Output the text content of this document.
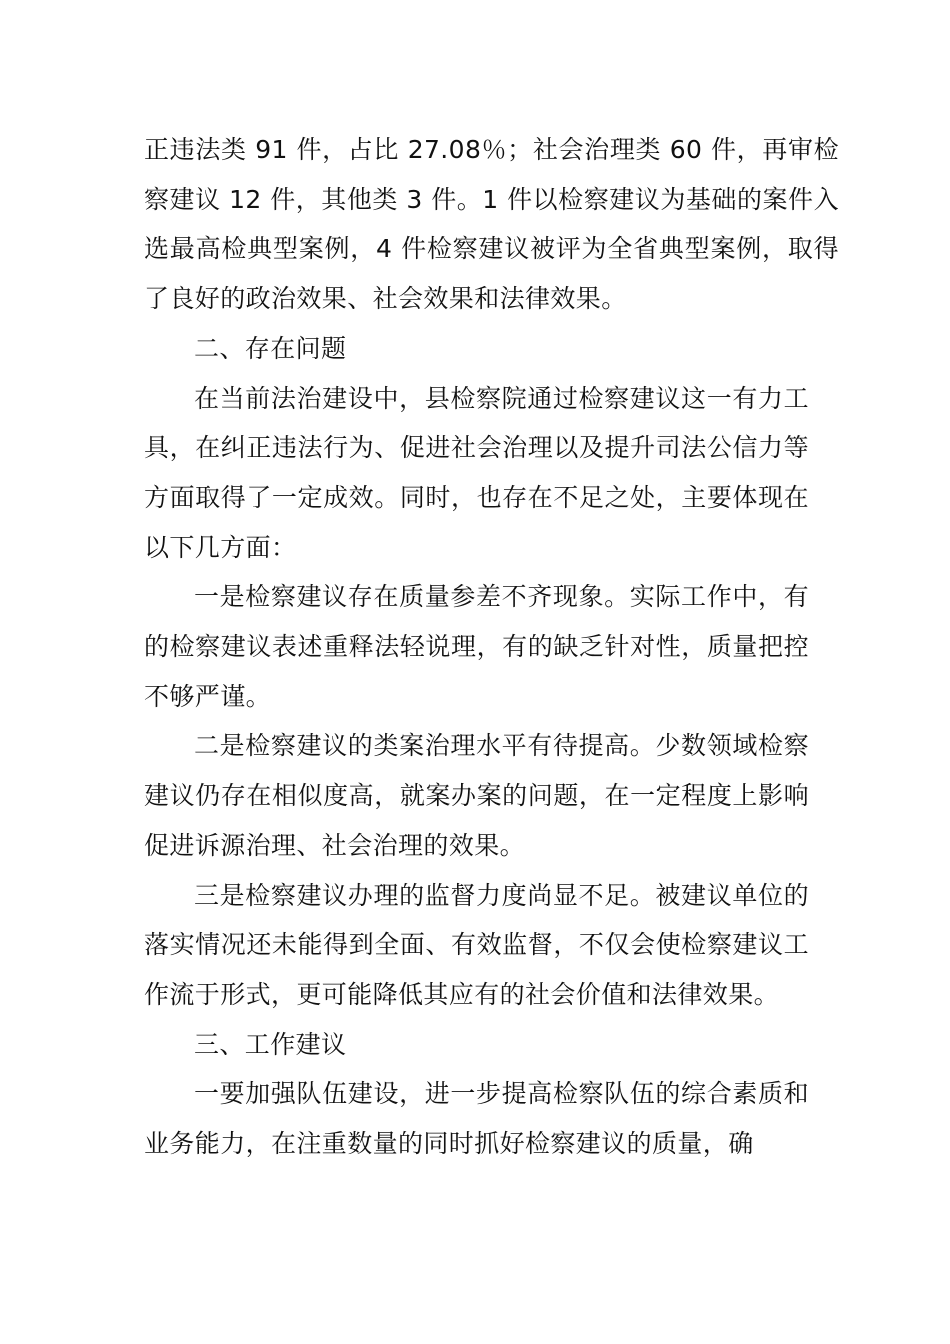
正违法类 91 件，占比 27.08％；社会治理类 60 件，再审检察建议 12 件，其他类 3 件。1 件以检察建议为基础的案件入选最高检典型案例，4 件检察建议被评为全省典型案例，取得了良好的政治效果、社会效果和法律效果。

二、存在问题

在当前法治建设中，县检察院通过检察建议这一有力工具，在纠正违法行为、促进社会治理以及提升司法公信力等方面取得了一定成效。同时，也存在不足之处，主要体现在以下几方面：

一是检察建议存在质量参差不齐现象。实际工作中，有的检察建议表述重释法轻说理，有的缺乏针对性，质量把控不够严谨。

二是检察建议的类案治理水平有待提高。少数领域检察建议仍存在相似度高，就案办案的问题，在一定程度上影响促进诉源治理、社会治理的效果。

三是检察建议办理的监督力度尚显不足。被建议单位的落实情况还未能得到全面、有效监督，不仅会使检察建议工作流于形式，更可能降低其应有的社会价值和法律效果。

三、工作建议

一要加强队伍建设，进一步提高检察队伍的综合素质和业务能力，在注重数量的同时抓好检察建议的质量，确
